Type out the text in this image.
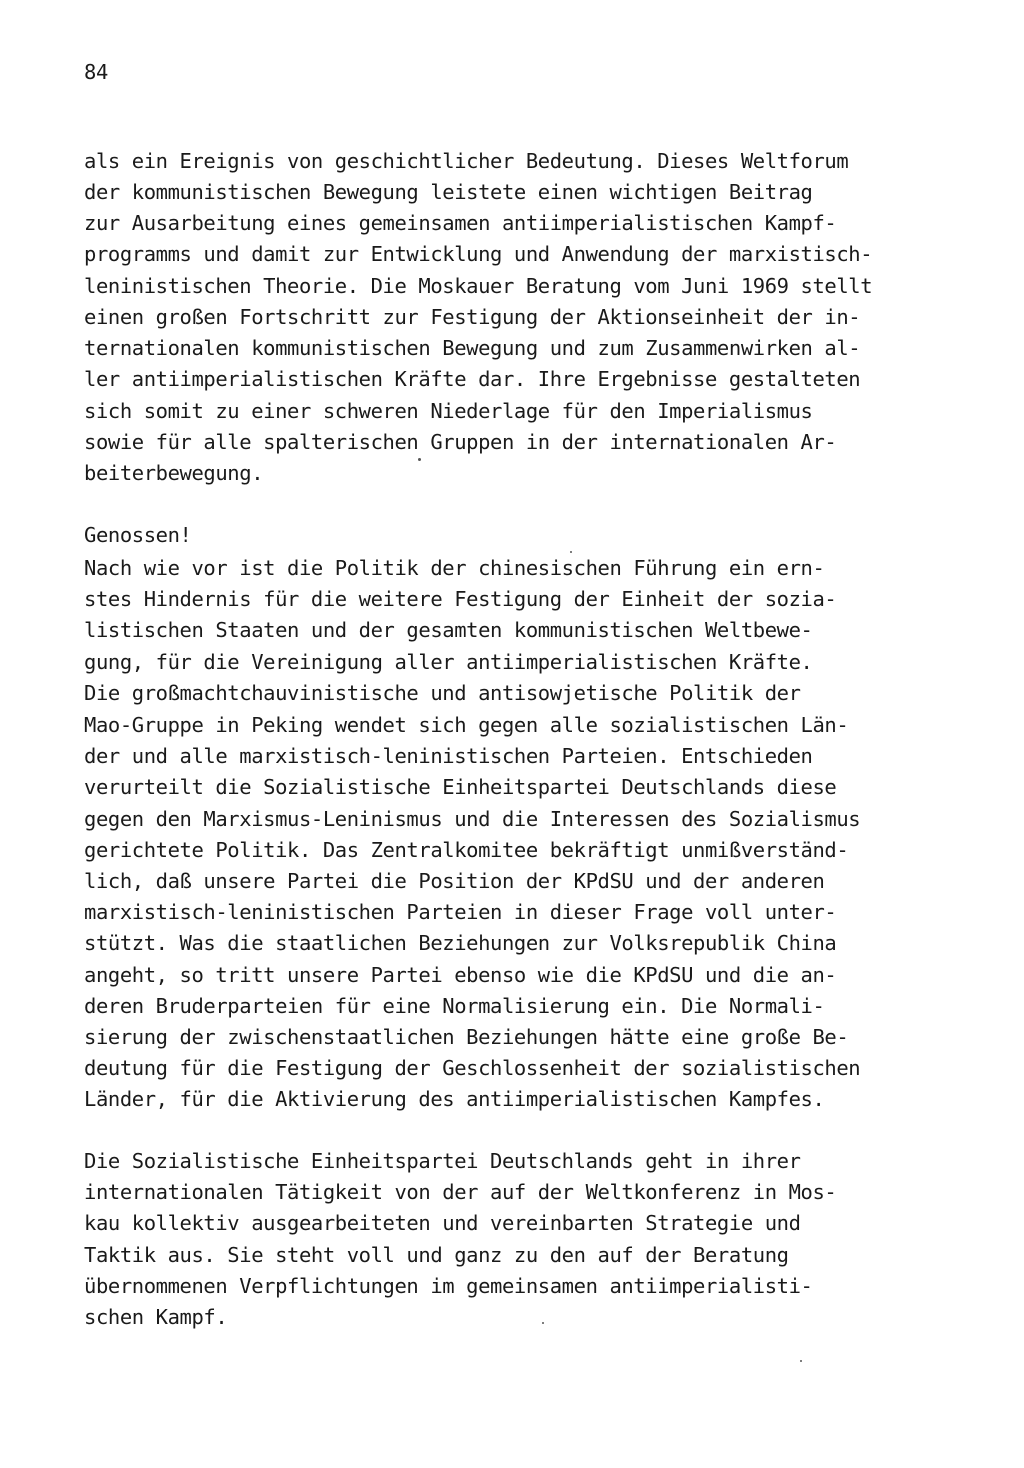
84
als ein Ereignis von geschichtlicher Bedeutung. Dieses Weltforum
der kommunistischen Bewegung leistete einen wichtigen Beitrag
zur Ausarbeitung eines gemeinsamen antiimperialistischen Kampf-
programms und damit zur Entwicklung und Anwendung der marxistisch-
leninistischen Theorie. Die Moskauer Beratung vom Juni 1969 stellt
einen großen Fortschritt zur Festigung der Aktionseinheit der in-
ternationalen kommunistischen Bewegung und zum Zusammenwirken al-
ler antiimperialistischen Kräfte dar. Ihre Ergebnisse gestalteten
sich somit zu einer schweren Niederlage für den Imperialismus
sowie für alle spalterischen Gruppen in der internationalen Ar-
beiterbewegung.
Genossen!
Nach wie vor ist die Politik der chinesischen Führung ein ern-
stes Hindernis für die weitere Festigung der Einheit der sozia-
listischen Staaten und der gesamten kommunistischen Weltbewe-
gung, für die Vereinigung aller antiimperialistischen Kräfte.
Die großmachtchauvinistische und antisowjetische Politik der
Mao-Gruppe in Peking wendet sich gegen alle sozialistischen Län-
der und alle marxistisch-leninistischen Parteien. Entschieden
verurteilt die Sozialistische Einheitspartei Deutschlands diese
gegen den Marxismus-Leninismus und die Interessen des Sozialismus
gerichtete Politik. Das Zentralkomitee bekräftigt unmißverständ-
lich, daß unsere Partei die Position der KPdSU und der anderen
marxistisch-leninistischen Parteien in dieser Frage voll unter-
stützt. Was die staatlichen Beziehungen zur Volksrepublik China
angeht, so tritt unsere Partei ebenso wie die KPdSU und die an-
deren Bruderparteien für eine Normalisierung ein. Die Normali-
sierung der zwischenstaatlichen Beziehungen hätte eine große Be-
deutung für die Festigung der Geschlossenheit der sozialistischen
Länder, für die Aktivierung des antiimperialistischen Kampfes.
Die Sozialistische Einheitspartei Deutschlands geht in ihrer
internationalen Tätigkeit von der auf der Weltkonferenz in Mos-
kau kollektiv ausgearbeiteten und vereinbarten Strategie und
Taktik aus. Sie steht voll und ganz zu den auf der Beratung
übernommenen Verpflichtungen im gemeinsamen antiimperialisti-
schen Kampf.
